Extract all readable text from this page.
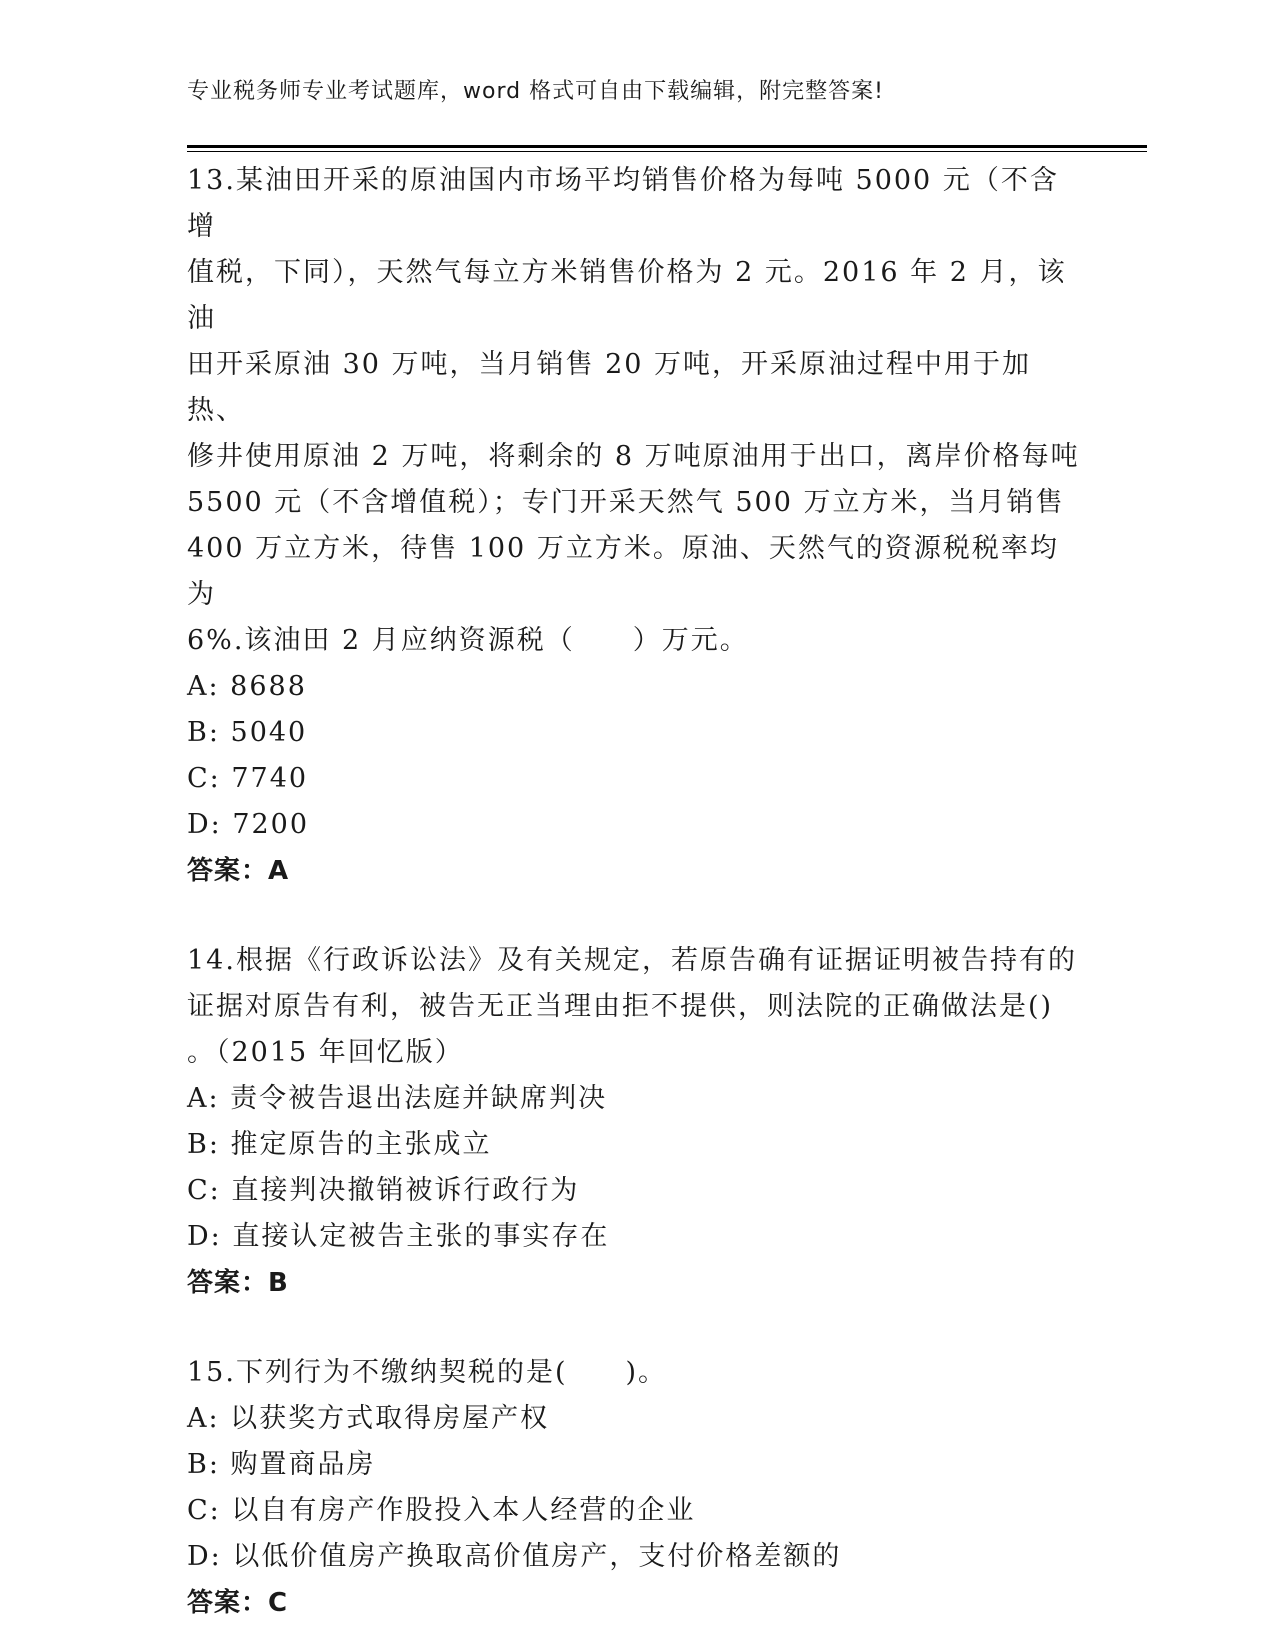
专业税务师专业考试题库，word 格式可自由下载编辑，附完整答案!

13.某油田开采的原油国内市场平均销售价格为每吨 5000 元（不含增

值税，下同），天然气每立方米销售价格为 2 元。2016 年 2 月，该油

田开采原油 30 万吨，当月销售 20 万吨，开采原油过程中用于加热、

修井使用原油 2 万吨，将剩余的 8 万吨原油用于出口，离岸价格每吨

5500 元（不含增值税）；专门开采天然气 500 万立方米，当月销售

400 万立方米，待售 100 万立方米。原油、天然气的资源税税率均为

6%.该油田 2 月应纳资源税（　　）万元。

A: 8688

B: 5040

C: 7740

D: 7200

答案：A

14.根据《行政诉讼法》及有关规定，若原告确有证据证明被告持有的

证据对原告有利，被告无正当理由拒不提供，则法院的正确做法是()

。（2015 年回忆版）

A: 责令被告退出法庭并缺席判决

B: 推定原告的主张成立

C: 直接判决撤销被诉行政行为

D: 直接认定被告主张的事实存在

答案：B

15.下列行为不缴纳契税的是(　　)。

A: 以获奖方式取得房屋产权

B: 购置商品房

C: 以自有房产作股投入本人经营的企业

D: 以低价值房产换取高价值房产，支付价格差额的

答案：C
